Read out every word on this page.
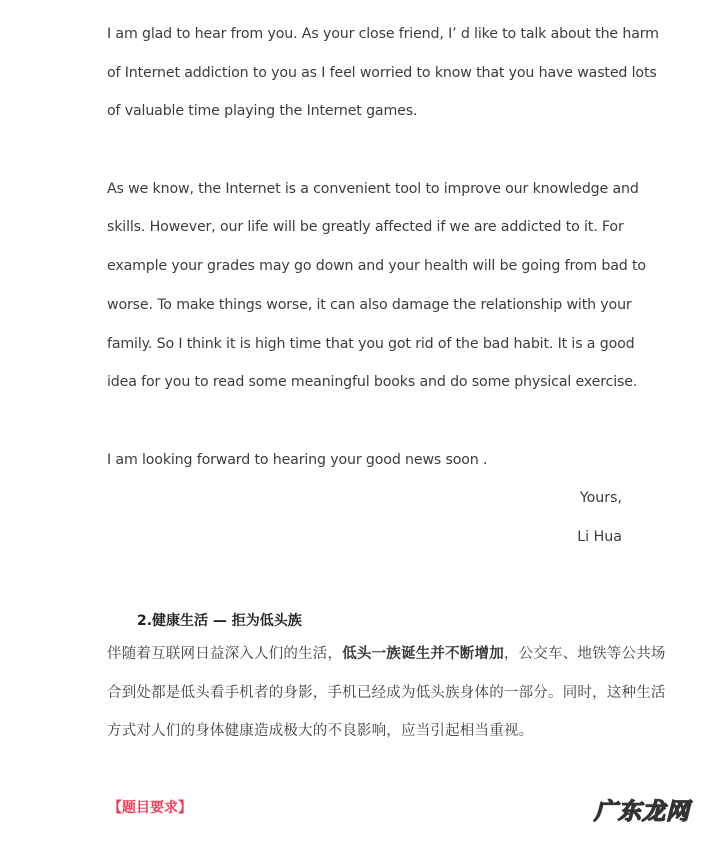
I am glad to hear from you. As your close friend, I’ d like to talk about the harm
of Internet addiction to you as I feel worried to know that you have wasted lots
of valuable time playing the Internet games.
As we know, the Internet is a convenient tool to improve our knowledge and
skills. However, our life will be greatly affected if we are addicted to it. For
example your grades may go down and your health will be going from bad to
worse. To make things worse, it can also damage the relationship with your
family. So I think it is high time that you got rid of the bad habit. It is a good
idea for you to read some meaningful books and do some physical exercise.
I am looking forward to hearing your good news soon .
Yours,
Li Hua
2.健康生活 — 拒为低头族
伴随着互联网日益深入人们的生活，低头一族诞生并不断增加，公交车、地铁等公共场
合到处都是低头看手机者的身影，手机已经成为低头族身体的一部分。同时，这种生活
方式对人们的身体健康造成极大的不良影响，应当引起相当重视。
【题目要求】	广东龙网
